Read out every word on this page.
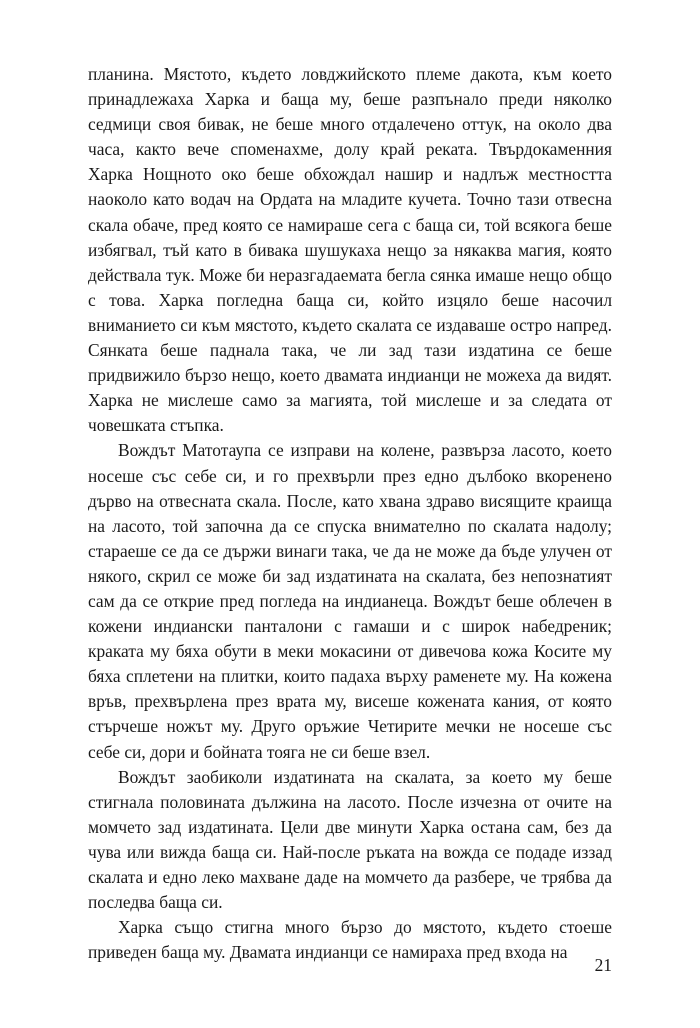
планина. Мястото, където ловджийското племе дакота, към което принадлежаха Харка и баща му, беше разпънало преди няколко седмици своя бивак, не беше много отдалечено оттук, на около два часа, както вече споменахме, долу край реката. Твърдокаменния Харка Нощното око беше обхождал нашир и надлъж местността наоколо като водач на Ордата на младите кучета. Точно тази отвесна скала обаче, пред която се намираше сега с баща си, той всякога беше избягвал, тъй като в бивака шушукаха нещо за някаква магия, която действала тук. Може би неразгадаемата бегла сянка имаше нещо общо с това. Харка погледна баща си, който изцяло беше насочил вниманието си към мястото, където скалата се издаваше остро напред. Сянката беше паднала така, че ли зад тази издатина се беше придвижило бързо нещо, което двамата индианци не можеха да видят. Харка не мислеше само за магията, той мислеше и за следата от човешката стъпка.

Вождът Матотаупа се изправи на колене, развърза ласото, което носеше със себе си, и го прехвърли през едно дълбоко вкоренено дърво на отвесната скала. После, като хвана здраво висящите краища на ласото, той започна да се спуска внимателно по скалата надолу; стараеше се да се държи винаги така, че да не може да бъде улучен от някого, скрил се може би зад издатината на скалата, без непознатият сам да се открие пред погледа на индианеца. Вождът беше облечен в кожени индиански панталони с гамаши и с широк набедреник; краката му бяха обути в меки мокасини от дивечова кожа Косите му бяха сплетени на плитки, които падаха върху раменете му. На кожена връв, прехвърлена през врата му, висеше кожената кания, от която стърчеше ножът му. Друго оръжие Четирите мечки не носеше със себе си, дори и бойната тояга не си беше взел.

Вождът заобиколи издатината на скалата, за което му беше стигнала половината дължина на ласото. После изчезна от очите на момчето зад издатината. Цели две минути Харка остана сам, без да чува или вижда баща си. Най-после ръката на вожда се подаде иззад скалата и едно леко махване даде на момчето да разбере, че трябва да последва баща си.

Харка също стигна много бързо до мястото, където стоеше приведен баща му. Двамата индианци се намираха пред входа на

21
